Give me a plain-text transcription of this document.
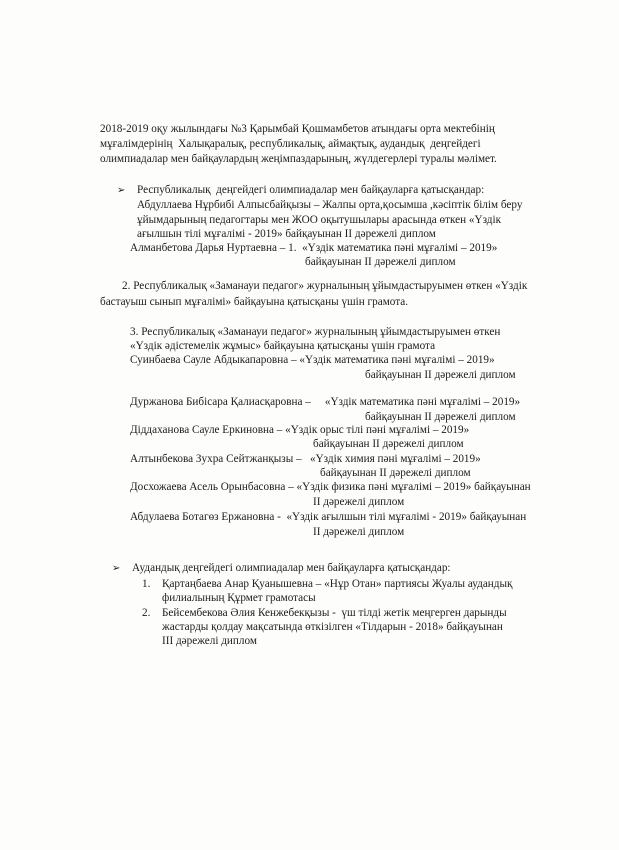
2018-2019 оқу жылындағы №3 Қарымбай Қошмамбетов атындағы орта мектебінің
мұғалімдерінің  Халықаралық, республикалық, аймақтық, аудандық  деңгейдегі
олимпиадалар мен байқаулардың жеңімпаздарының, жүлдегерлері туралы мәлімет.
➢ Республикалық  деңгейдегі олимпиадалар мен байқауларға қатысқандар:
Абдуллаева Нұрбибі Алпысбайқызы – Жалпы орта,қосымша ,кәсіптік білім беру
ұйымдарының педагогтары мен ЖОО оқытушылары арасында өткен «Үздік
ағылшын тілі мұғалімі - 2019» байқауынан ІІ дәрежелі диплом
Алманбетова Дарья Нуртаевна – 1.  «Үздік математика пәні мұғалімі – 2019»
байқауынан ІІ дәрежелі диплом
2. Республикалық «Заманауи педагог» журналының ұйымдастыруымен өткен «Үздік
бастауыш сынып мұғалімі» байқауына қатысқаны үшін грамота.
3. Республикалық «Заманауи педагог» журналының ұйымдастыруымен өткен
«Үздік әдістемелік жұмыс» байқауына қатысқаны үшін грамота
Суинбаева Сауле Абдыкапаровна – «Үздік математика пәні мұғалімі – 2019»
байқауынан ІІ дәрежелі диплом
Дуржанова Бибісара Қалиасқаровна –     «Үздік математика пәні мұғалімі – 2019»
байқауынан ІІ дәрежелі диплом
Діддаханова Сауле Еркиновна – «Үздік орыс тілі пәні мұғалімі – 2019»
байқауынан ІІ дәрежелі диплом
Алтынбекова Зухра Сейтжанқызы –   «Үздік химия пәні мұғалімі – 2019»
байқауынан ІІ дәрежелі диплом
Досхожаева Асель Орынбасовна – «Үздік физика пәні мұғалімі – 2019» байқауынан
ІІ дәрежелі диплом
Абдулаева Ботагөз Ержановна -  «Үздік ағылшын тілі мұғалімі - 2019» байқауынан
ІІ дәрежелі диплом
➢ Аудандық деңгейдегі олимпиадалар мен байқауларға қатысқандар:
1. Қартаңбаева Анар Қуанышевна – «Нұр Отан» партиясы Жуалы аудандық
филиалының Құрмет грамотасы
2. Бейсембекова Әлия Кенжебекқызы -  үш тілді жетік меңгерген дарынды
жастарды қолдау мақсатында өткізілген «Тілдарын - 2018» байқауынан
ІІІ дәрежелі диплом
